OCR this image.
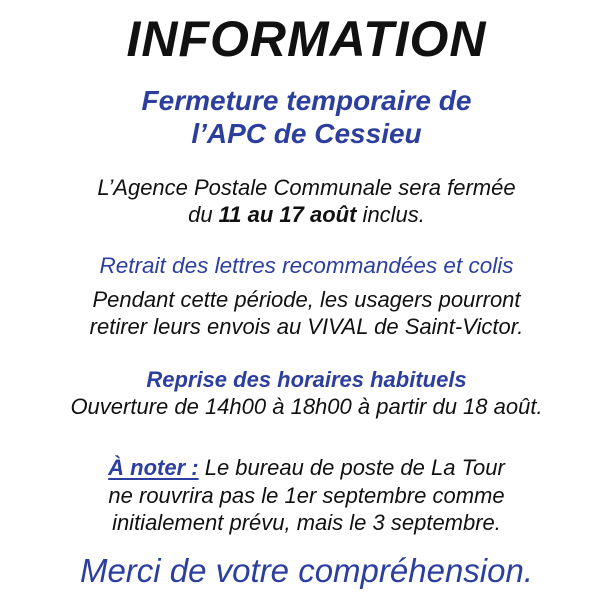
INFORMATION
Fermeture temporaire de
l’APC de Cessieu
L’Agence Postale Communale sera fermée
du 11 au 17 août inclus.
Retrait des lettres recommandées et colis
Pendant cette période, les usagers pourront
retirer leurs envois au VIVAL de Saint-Victor.
Reprise des horaires habituels
Ouverture de 14h00 à 18h00 à partir du 18 août.
À noter : Le bureau de poste de La Tour
ne rouvrira pas le 1er septembre comme
initialement prévu, mais le 3 septembre.
Merci de votre compréhension.
